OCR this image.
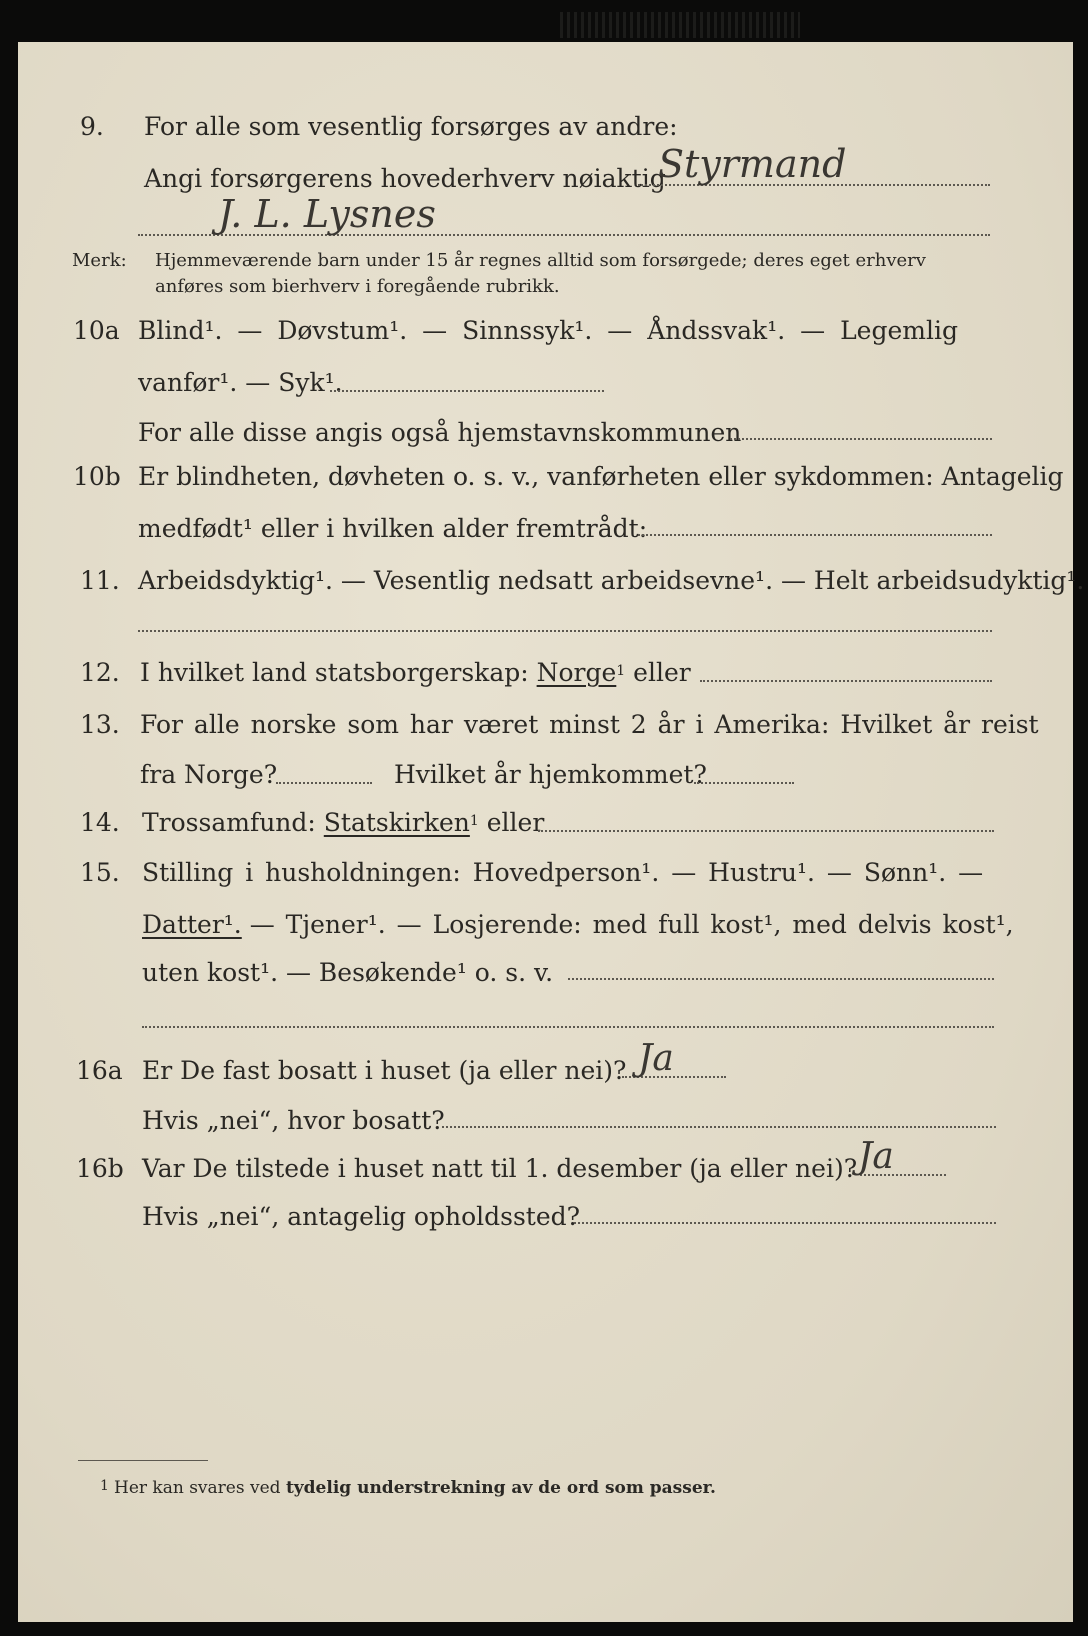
9. For alle som vesentlig forsørges av andre:
Angi forsørgerens hovederhverv nøiaktig
Styrmand
J. L. Lysnes
Merk: Hjemmeværende barn under 15 år regnes alltid som forsørgede; deres eget erhverv
anføres som bierhverv i foregående rubrikk.
10a Blind¹. — Døvstum¹. — Sinnssyk¹. — Åndssvak¹. — Legemlig
vanfør¹. — Syk¹.
For alle disse angis også hjemstavnskommunen
10b Er blindheten, døvheten o. s. v., vanførheten eller sykdommen: Antagelig
medfødt¹ eller i hvilken alder fremtrådt:
11. Arbeidsdyktig¹. — Vesentlig nedsatt arbeidsevne¹. — Helt arbeidsudyktig¹.
12. I hvilket land statsborgerskap: Norge$^1$ eller
13. For alle norske som har været minst 2 år i Amerika: Hvilket år reist
fra Norge?	Hvilket år hjemkommet?
14. Trossamfund: Statskirken$^1$ eller
15. Stilling i husholdningen: Hovedperson¹. — Hustru¹. — Sønn¹. —
Datter¹. — Tjener¹. — Losjerende: med full kost¹, med delvis kost¹,
uten kost¹. — Besøkende¹ o. s. v.
16a Er De fast bosatt i huset (ja eller nei)? Ja
Hvis „nei“, hvor bosatt?
16b Var De tilstede i huset natt til 1. desember (ja eller nei)? Ja
Hvis „nei“, antagelig opholdssted?
1 Her kan svares ved tydelig understrekning av de ord som passer.
